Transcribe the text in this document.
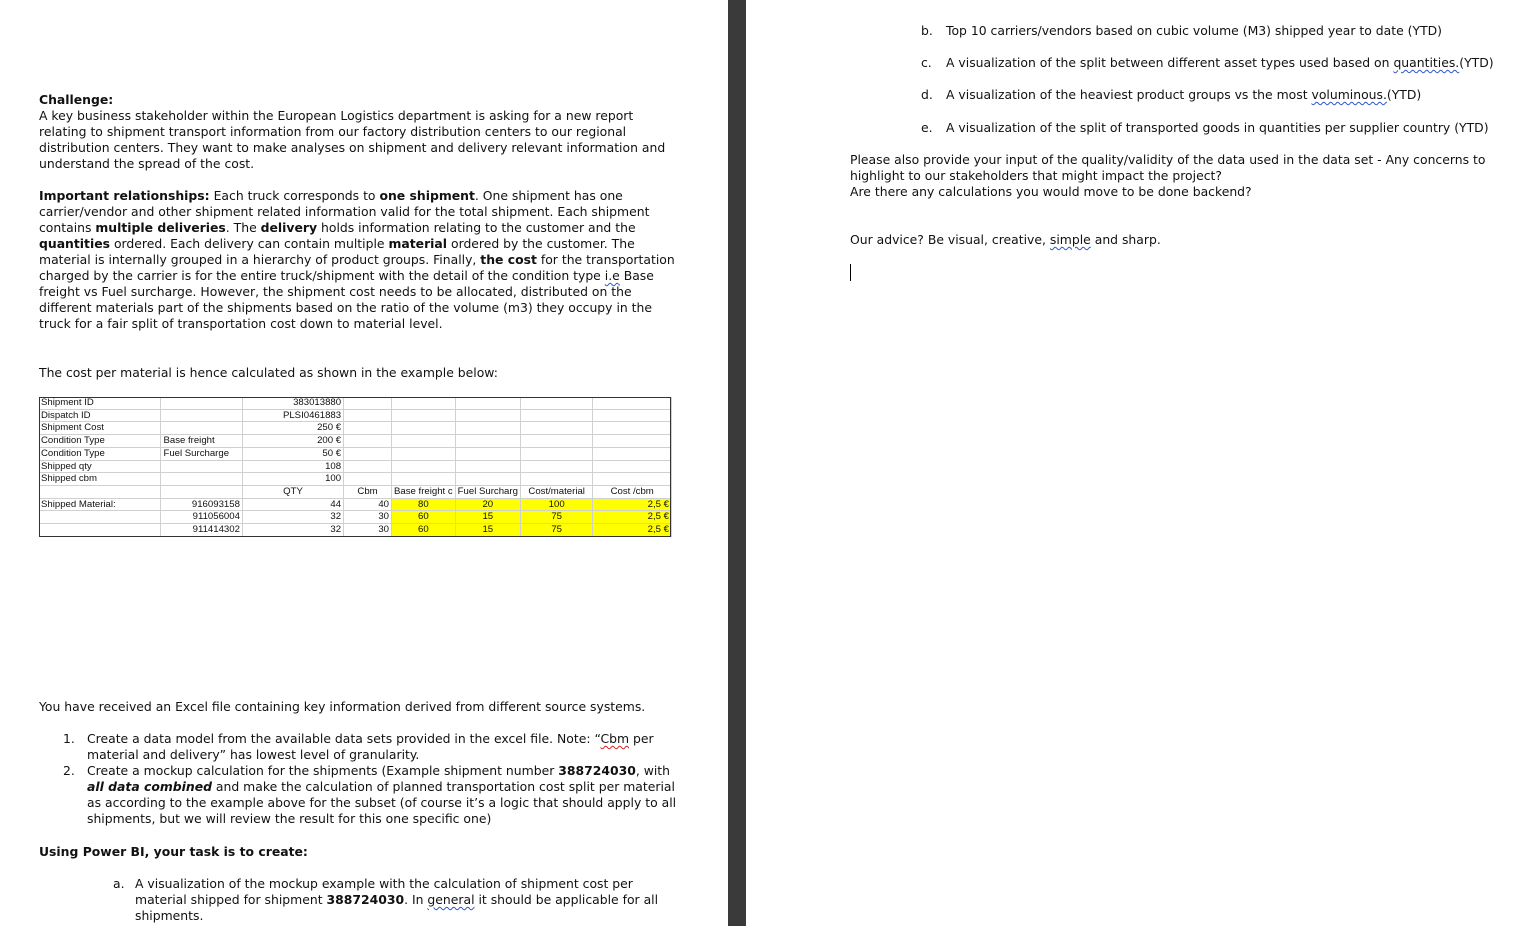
Challenge:

A key business stakeholder within the European Logistics department is asking for a new report relating to shipment transport information from our factory distribution centers to our regional distribution centers. They want to make analyses on shipment and delivery relevant information and understand the spread of the cost.

Important relationships: Each truck corresponds to one shipment. One shipment has one carrier/vendor and other shipment related information valid for the total shipment. Each shipment contains multiple deliveries. The delivery holds information relating to the customer and the quantities ordered. Each delivery can contain multiple material ordered by the customer. The material is internally grouped in a hierarchy of product groups. Finally, the cost for the transportation charged by the carrier is for the entire truck/shipment with the detail of the condition type i.e Base freight vs Fuel surcharge. However, the shipment cost needs to be allocated, distributed on the different materials part of the shipments based on the ratio of the volume (m3) they occupy in the truck for a fair split of transportation cost down to material level.

The cost per material is hence calculated as shown in the example below:
Shipment ID		383013880					
Dispatch ID		PLSI0461883					
Shipment Cost		250 €					
Condition Type	Base freight	200 €					
Condition Type	Fuel Surcharge	50 €					
Shipped qty		108					
Shipped cbm		100					
		QTY	Cbm	Base freight c	Fuel Surcharg	Cost/material	Cost /cbm
Shipped Material:	916093158	44	40	80	20	100	2,5 €
	911056004	32	30	60	15	75	2,5 €
	911414302	32	30	60	15	75	2,5 €
You have received an Excel file containing key information derived from different source systems.
1. Create a data model from the available data sets provided in the excel file. Note: “Cbm per material and delivery” has lowest level of granularity.
2. Create a mockup calculation for the shipments (Example shipment number 388724030, with all data combined and make the calculation of planned transportation cost split per material as according to the example above for the subset (of course it’s a logic that should apply to all shipments, but we will review the result for this one specific one)
Using Power BI, your task is to create:
a. A visualization of the mockup example with the calculation of shipment cost per material shipped for shipment 388724030. In general it should be applicable for all shipments.
b. Top 10 carriers/vendors based on cubic volume (M3) shipped year to date (YTD)
c. A visualization of the split between different asset types used based on quantities.(YTD)
d. A visualization of the heaviest product groups vs the most voluminous.(YTD)
e. A visualization of the split of transported goods in quantities per supplier country (YTD)

Please also provide your input of the quality/validity of the data used in the data set - Any concerns to highlight to our stakeholders that might impact the project?

Are there any calculations you would move to be done backend?

Our advice? Be visual, creative, simple and sharp.
